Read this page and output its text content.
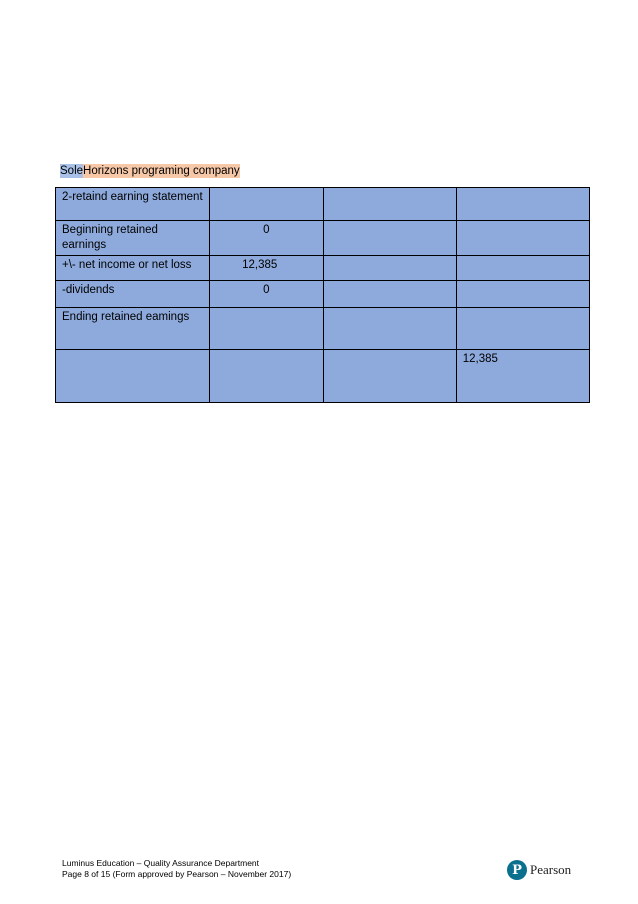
SoleHorizons programing company
2-retaind earning statement			
Beginning retained earnings	0		
+\- net income or net loss	12,385		
-dividends	0		
Ending retained eamings			
			12,385
Luminus Education – Quality Assurance Department
Page 8 of 15 (Form approved by Pearson – November 2017)	P Pearson
